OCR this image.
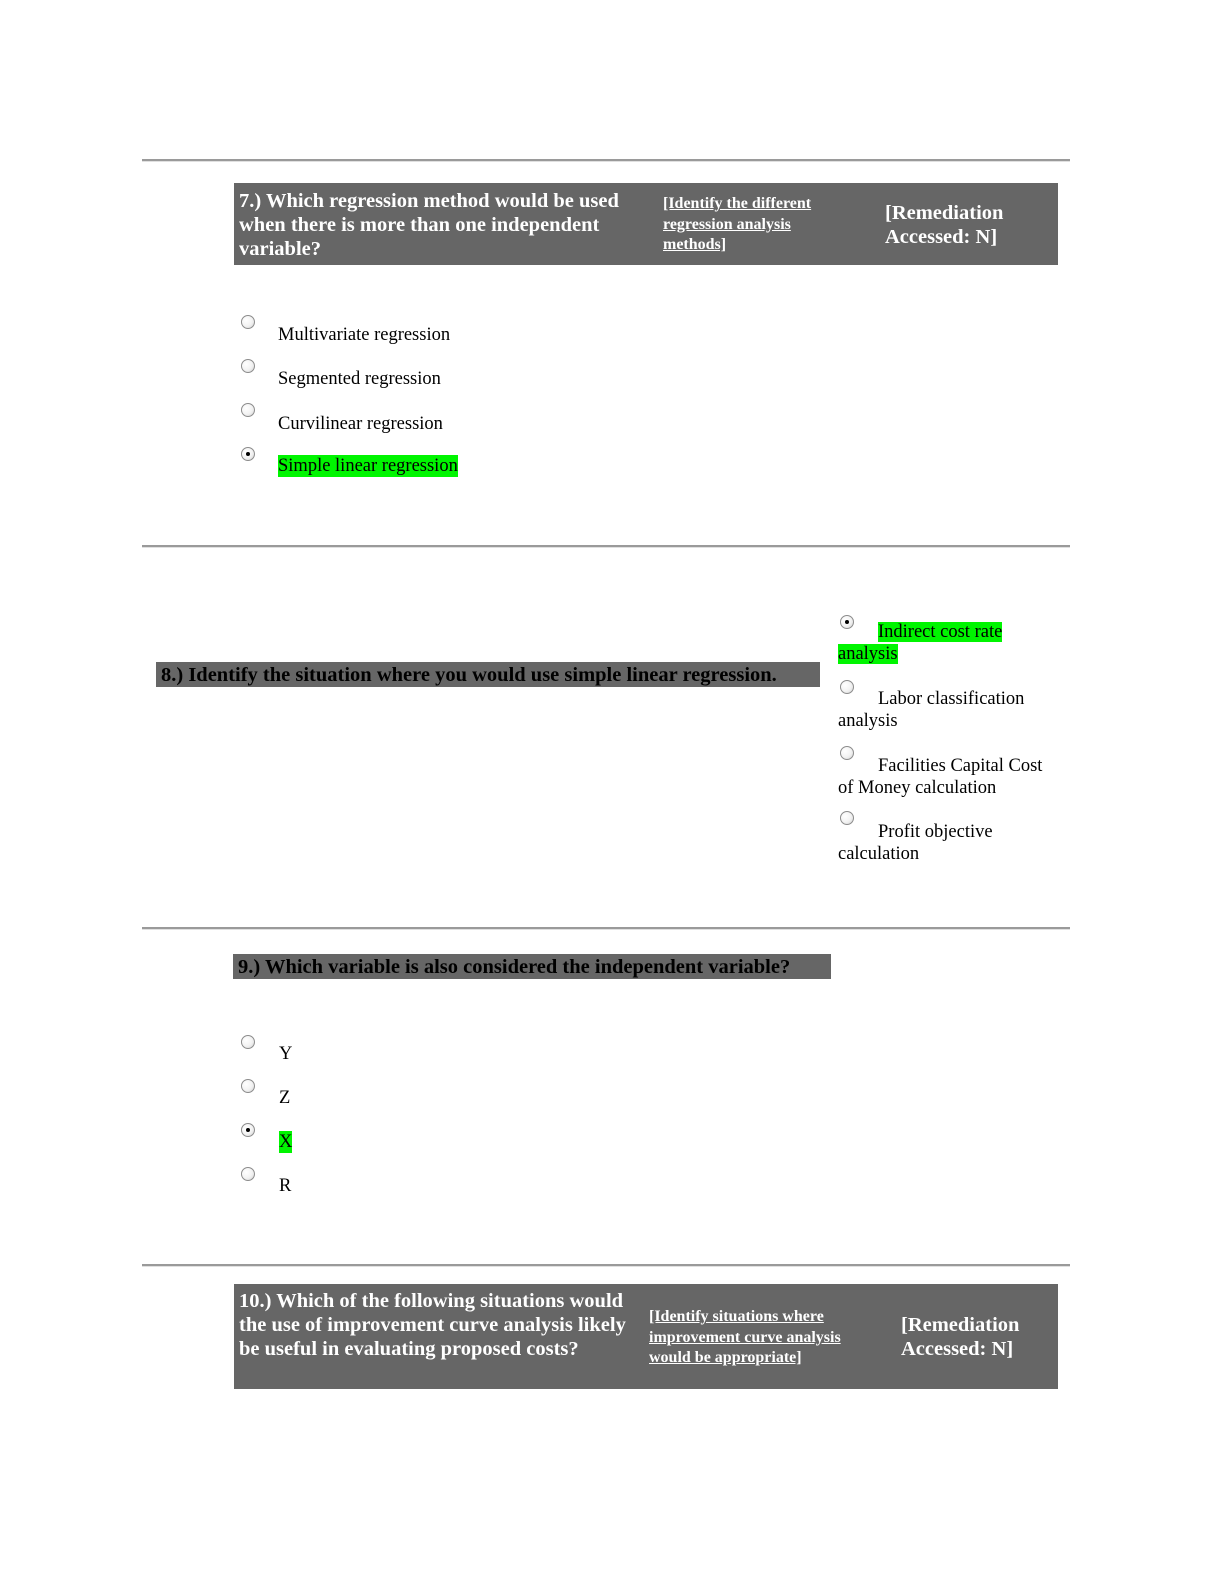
7.) Which regression method would be used when there is more than one independent variable?
[Identify the different regression analysis methods]
[Remediation Accessed: N]
Multivariate regression
Segmented regression
Curvilinear regression
Simple linear regression
8.) Identify the situation where you would use simple linear regression.
Indirect cost rate analysis
Labor classification analysis
Facilities Capital Cost of Money calculation
Profit objective calculation
9.) Which variable is also considered the independent variable?
Y
Z
X
R
10.) Which of the following situations would the use of improvement curve analysis likely be useful in evaluating proposed costs?
[Identify situations where improvement curve analysis would be appropriate]
[Remediation Accessed: N]
